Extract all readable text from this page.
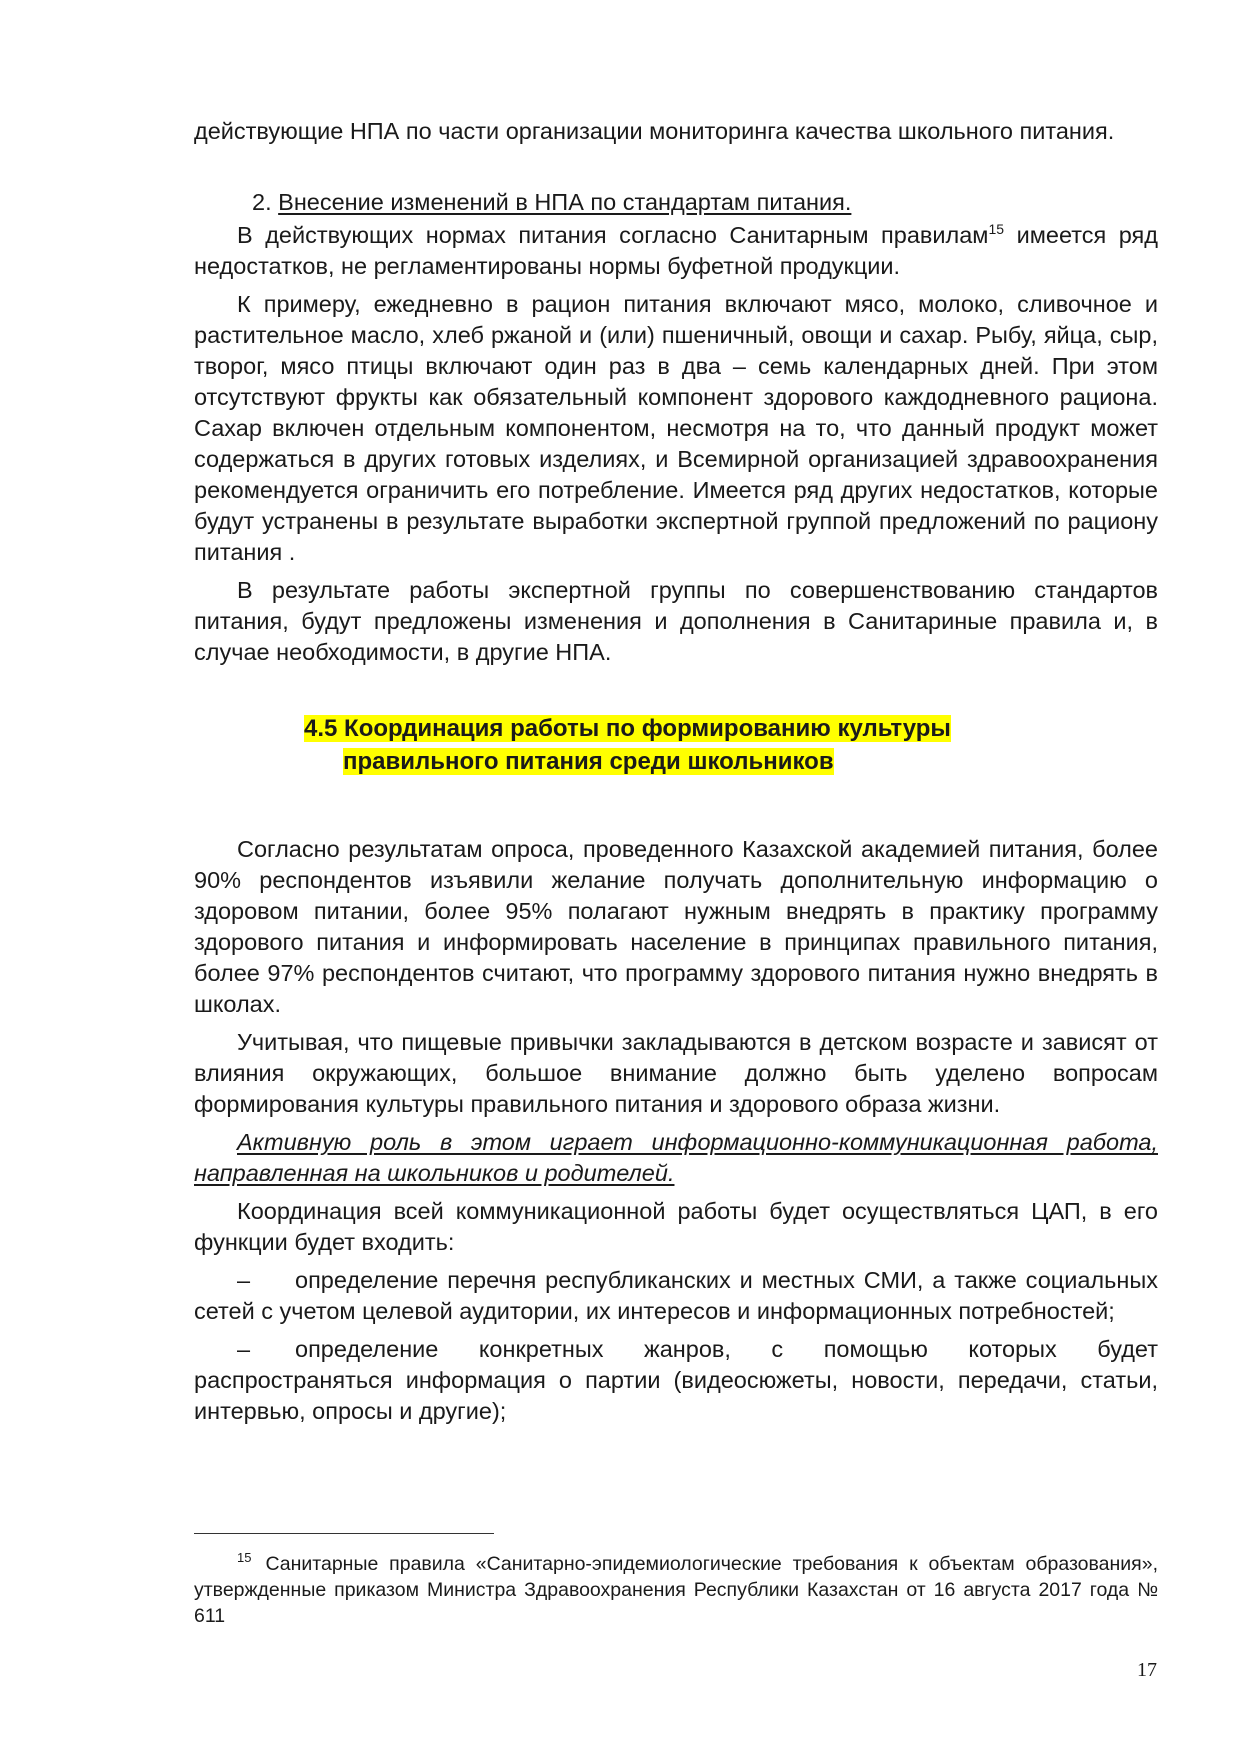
действующие НПА по части организации мониторинга качества школьного питания.

2. Внесение изменений в НПА по стандартам питания.

В действующих нормах питания согласно Санитарным правилам$^{15}$ имеется ряд недостатков, не регламентированы нормы буфетной продукции.

К примеру, ежедневно в рацион питания включают мясо, молоко, сливочное и растительное масло, хлеб ржаной и (или) пшеничный, овощи и сахар. Рыбу, яйца, сыр, творог, мясо птицы включают один раз в два – семь календарных дней. При этом отсутствуют фрукты как обязательный компонент здорового каждодневного рациона. Сахар включен отдельным компонентом, несмотря на то, что данный продукт может содержаться в других готовых изделиях, и Всемирной организацией здравоохранения рекомендуется ограничить его потребление. Имеется ряд других недостатков, которые будут устранены в результате выработки экспертной группой предложений по рациону питания .

В результате работы экспертной группы по совершенствованию стандартов питания, будут предложены изменения и дополнения в Санитариные правила и, в случае необходимости, в другие НПА.

4.5 Координация работы по формированию культуры
правильного питания среди школьников

Согласно результатам опроса, проведенного Казахской академией питания, более 90% респондентов изъявили желание получать дополнительную информацию о здоровом питании, более 95% полагают нужным внедрять в практику программу здорового питания и информировать население в принципах правильного питания, более 97% респондентов считают, что программу здорового питания нужно внедрять в школах.

Учитывая, что пищевые привычки закладываются в детском возрасте и зависят от влияния окружающих, большое внимание должно быть уделено вопросам формирования культуры правильного питания и здорового образа жизни.

Активную роль в этом играет информационно-коммуникационная работа, направленная на школьников и родителей.

Координация всей коммуникационной работы будет осуществляться ЦАП, в его функции будет входить:

– определение перечня республиканских и местных СМИ, а также социальных сетей с учетом целевой аудитории, их интересов и информационных потребностей;

– определение конкретных жанров, с помощью которых будет распространяться информация о партии (видеосюжеты, новости, передачи, статьи, интервью, опросы и другие);

$^{15}$ Санитарные правила «Санитарно-эпидемиологические требования к объектам образования», утвержденные приказом Министра Здравоохранения Республики Казахстан от 16 августа 2017 года № 611

17
